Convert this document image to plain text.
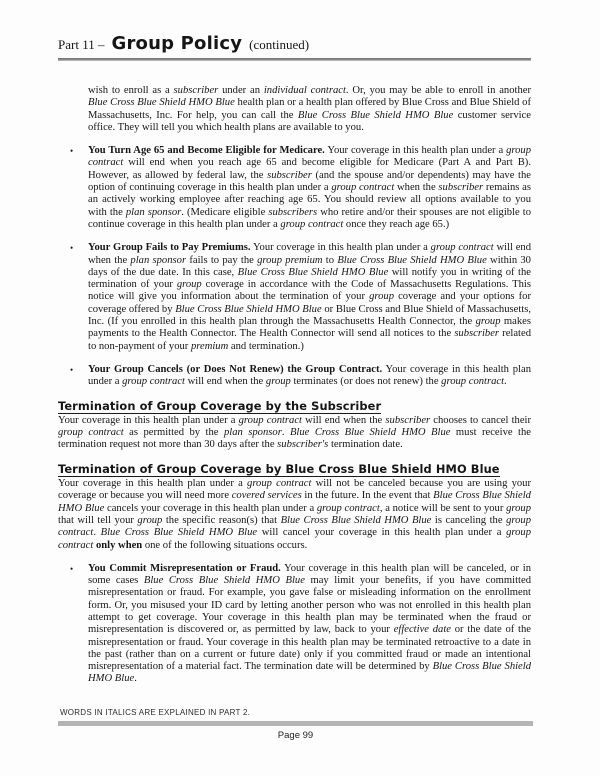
Part 11 – Group Policy (continued)
wish to enroll as a subscriber under an individual contract. Or, you may be able to enroll in another Blue Cross Blue Shield HMO Blue health plan or a health plan offered by Blue Cross and Blue Shield of Massachusetts, Inc. For help, you can call the Blue Cross Blue Shield HMO Blue customer service office. They will tell you which health plans are available to you.
•	You Turn Age 65 and Become Eligible for Medicare. Your coverage in this health plan under a group contract will end when you reach age 65 and become eligible for Medicare (Part A and Part B). However, as allowed by federal law, the subscriber (and the spouse and/or dependents) may have the option of continuing coverage in this health plan under a group contract when the subscriber remains as an actively working employee after reaching age 65. You should review all options available to you with the plan sponsor. (Medicare eligible subscribers who retire and/or their spouses are not eligible to continue coverage in this health plan under a group contract once they reach age 65.)
•	Your Group Fails to Pay Premiums. Your coverage in this health plan under a group contract will end when the plan sponsor fails to pay the group premium to Blue Cross Blue Shield HMO Blue within 30 days of the due date. In this case, Blue Cross Blue Shield HMO Blue will notify you in writing of the termination of your group coverage in accordance with the Code of Massachusetts Regulations. This notice will give you information about the termination of your group coverage and your options for coverage offered by Blue Cross Blue Shield HMO Blue or Blue Cross and Blue Shield of Massachusetts, Inc. (If you enrolled in this health plan through the Massachusetts Health Connector, the group makes payments to the Health Connector. The Health Connector will send all notices to the subscriber related to non-payment of your premium and termination.)
•	Your Group Cancels (or Does Not Renew) the Group Contract. Your coverage in this health plan under a group contract will end when the group terminates (or does not renew) the group contract.
Termination of Group Coverage by the Subscriber
Your coverage in this health plan under a group contract will end when the subscriber chooses to cancel their group contract as permitted by the plan sponsor. Blue Cross Blue Shield HMO Blue must receive the termination request not more than 30 days after the subscriber's termination date.
Termination of Group Coverage by Blue Cross Blue Shield HMO Blue
Your coverage in this health plan under a group contract will not be canceled because you are using your coverage or because you will need more covered services in the future. In the event that Blue Cross Blue Shield HMO Blue cancels your coverage in this health plan under a group contract, a notice will be sent to your group that will tell your group the specific reason(s) that Blue Cross Blue Shield HMO Blue is canceling the group contract. Blue Cross Blue Shield HMO Blue will cancel your coverage in this health plan under a group contract only when one of the following situations occurs.
•	You Commit Misrepresentation or Fraud. Your coverage in this health plan will be canceled, or in some cases Blue Cross Blue Shield HMO Blue may limit your benefits, if you have committed misrepresentation or fraud. For example, you gave false or misleading information on the enrollment form. Or, you misused your ID card by letting another person who was not enrolled in this health plan attempt to get coverage. Your coverage in this health plan may be terminated when the fraud or misrepresentation is discovered or, as permitted by law, back to your effective date or the date of the misrepresentation or fraud. Your coverage in this health plan may be terminated retroactive to a date in the past (rather than on a current or future date) only if you committed fraud or made an intentional misrepresentation of a material fact. The termination date will be determined by Blue Cross Blue Shield HMO Blue.
WORDS IN ITALICS ARE EXPLAINED IN PART 2.
Page 99
